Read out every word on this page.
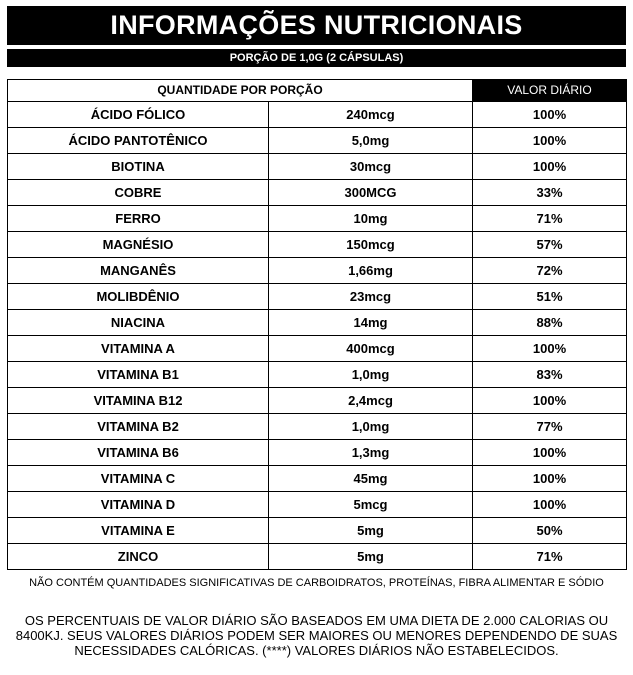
INFORMAÇÕES NUTRICIONAIS
PORÇÃO DE 1,0G (2 CÁPSULAS)
QUANTIDADE POR PORÇÃO		VALOR DIÁRIO
ÁCIDO FÓLICO	240mcg	100%
ÁCIDO PANTOTÊNICO	5,0mg	100%
BIOTINA	30mcg	100%
COBRE	300MCG	33%
FERRO	10mg	71%
MAGNÉSIO	150mcg	57%
MANGANÊS	1,66mg	72%
MOLIBDÊNIO	23mcg	51%
NIACINA	14mg	88%
VITAMINA A	400mcg	100%
VITAMINA B1	1,0mg	83%
VITAMINA B12	2,4mcg	100%
VITAMINA B2	1,0mg	77%
VITAMINA B6	1,3mg	100%
VITAMINA C	45mg	100%
VITAMINA D	5mcg	100%
VITAMINA E	5mg	50%
ZINCO	5mg	71%
NÃO CONTÉM QUANTIDADES SIGNIFICATIVAS DE CARBOIDRATOS, PROTEÍNAS, FIBRA ALIMENTAR E SÓDIO
OS PERCENTUAIS DE VALOR DIÁRIO SÃO BASEADOS EM UMA DIETA DE 2.000 CALORIAS OU 8400KJ. SEUS VALORES DIÁRIOS PODEM SER MAIORES OU MENORES DEPENDENDO DE SUAS NECESSIDADES CALÓRICAS. (****) VALORES DIÁRIOS NÃO ESTABELECIDOS.
